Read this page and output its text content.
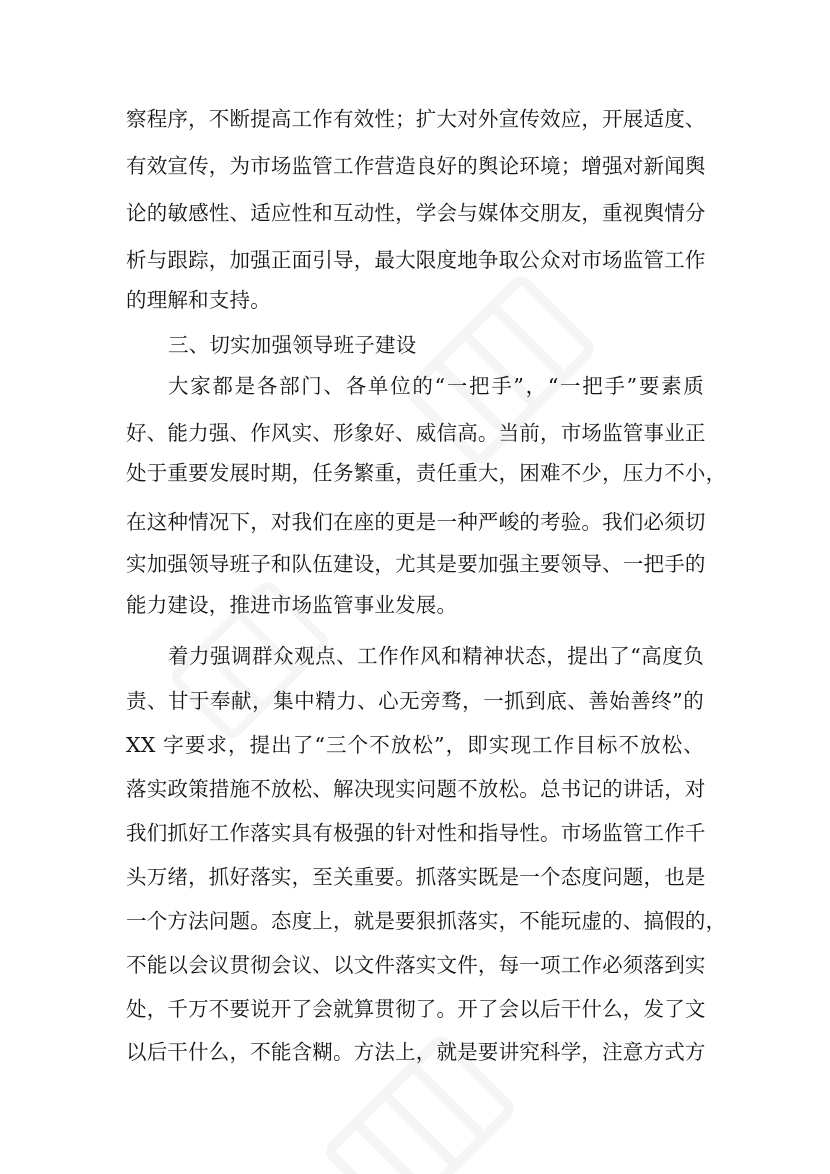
察程序，不断提高工作有效性；扩大对外宣传效应，开展适度、
有效宣传，为市场监管工作营造良好的舆论环境；增强对新闻舆
论的敏感性、适应性和互动性，学会与媒体交朋友，重视舆情分
析与跟踪，加强正面引导，最大限度地争取公众对市场监管工作
的理解和支持。
三、切实加强领导班子建设
大家都是各部门、各单位的“一把手”，“一把手”要素质
好、能力强、作风实、形象好、威信高。当前，市场监管事业正
处于重要发展时期，任务繁重，责任重大，困难不少，压力不小，
在这种情况下，对我们在座的更是一种严峻的考验。我们必须切
实加强领导班子和队伍建设，尤其是要加强主要领导、一把手的
能力建设，推进市场监管事业发展。
着力强调群众观点、工作作风和精神状态，提出了“高度负
责、甘于奉献，集中精力、心无旁骛，一抓到底、善始善终”的
XX 字要求，提出了“三个不放松”，即实现工作目标不放松、
落实政策措施不放松、解决现实问题不放松。总书记的讲话，对
我们抓好工作落实具有极强的针对性和指导性。市场监管工作千
头万绪，抓好落实，至关重要。抓落实既是一个态度问题，也是
一个方法问题。态度上，就是要狠抓落实，不能玩虚的、搞假的，
不能以会议贯彻会议、以文件落实文件，每一项工作必须落到实
处，千万不要说开了会就算贯彻了。开了会以后干什么，发了文
以后干什么，不能含糊。方法上，就是要讲究科学，注意方式方
